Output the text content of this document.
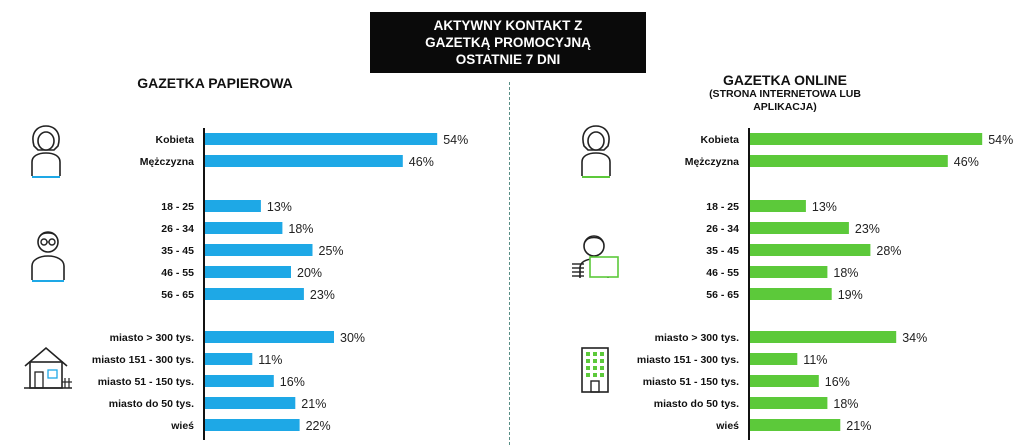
AKTYWNY KONTAKT Z
GAZETKĄ PROMOCYJNĄ
OSTATNIE 7 DNI
GAZETKA PAPIEROWA	GAZETKA ONLINE
(STRONA INTERNETOWA LUB
APLIKACJA)
Kobieta	54%
Mężczyzna	46%
18 - 25	13%
26 - 34	18%
35 - 45	25%
46 - 55	20%
56 - 65	23%
miasto > 300 tys.	30%
miasto 151 - 300 tys.	11%
miasto 51 - 150 tys.	16%
miasto do 50 tys.	21%
wieś	22%
Kobieta	54%
Mężczyzna	46%
18 - 25	13%
26 - 34	23%
35 - 45	28%
46 - 55	18%
56 - 65	19%
miasto > 300 tys.	34%
miasto 151 - 300 tys.	11%
miasto 51 - 150 tys.	16%
miasto do 50 tys.	18%
wieś	21%
